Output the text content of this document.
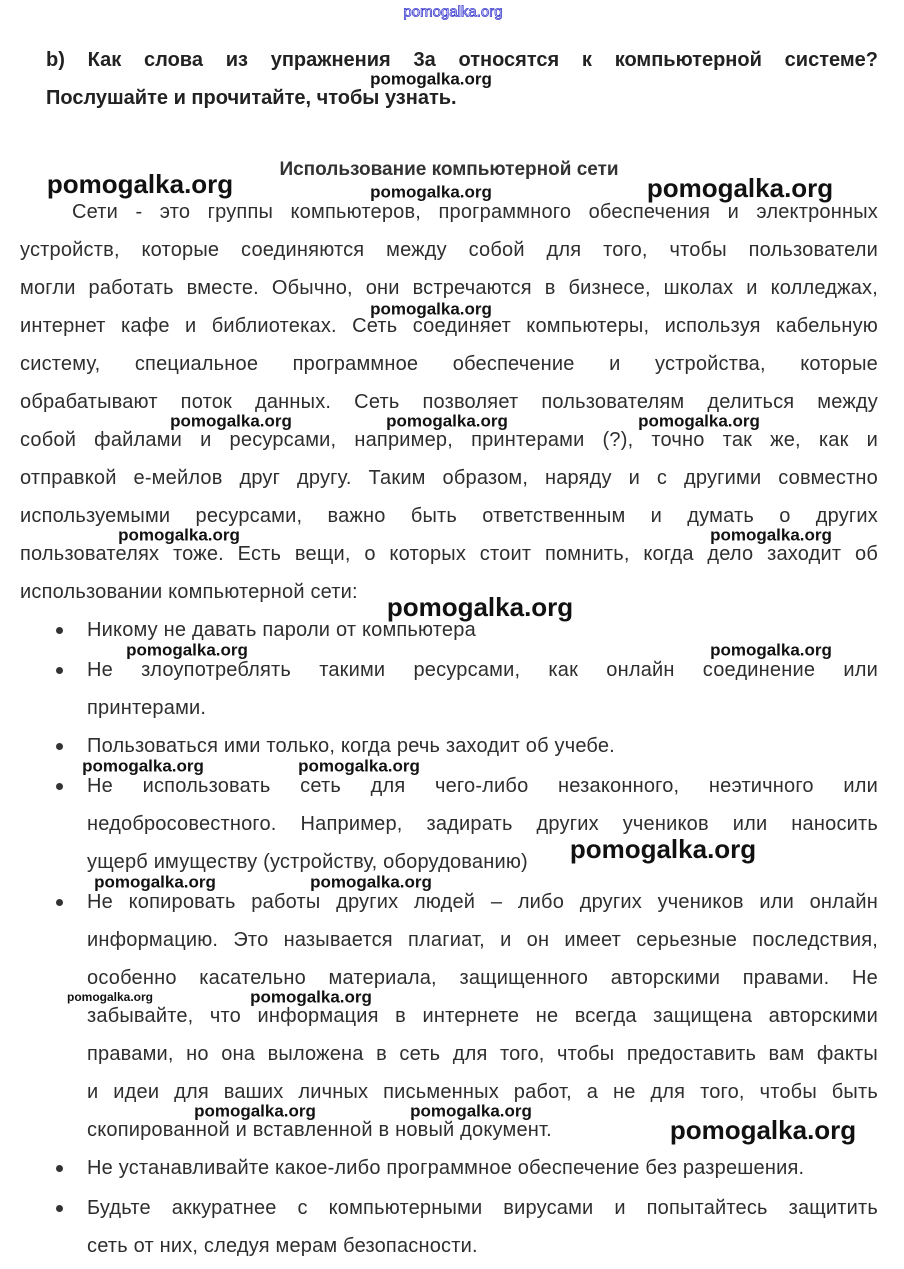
b) Как слова из упражнения 3a относятся к компьютерной системе?
Послушайте и прочитайте, чтобы узнать.
Использование компьютерной сети
Сети - это группы компьютеров, программного обеспечения и электронных
устройств, которые соединяются между собой для того, чтобы пользователи
могли работать вместе. Обычно, они встречаются в бизнесе, школах и колледжах,
интернет кафе и библиотеках. Сеть соединяет компьютеры, используя кабельную
систему, специальное программное обеспечение и устройства, которые
обрабатывают поток данных. Сеть позволяет пользователям делиться между
собой файлами и ресурсами, например, принтерами (?), точно так же, как и
отправкой е-мейлов друг другу. Таким образом, наряду и с другими совместно
используемыми ресурсами, важно быть ответственным и думать о других
пользователях тоже. Есть вещи, о которых стоит помнить, когда дело заходит об
использовании компьютерной сети:
Никому не давать пароли от компьютера
Не злоупотреблять такими ресурсами, как онлайн соединение или
принтерами.
Пользоваться ими только, когда речь заходит об учебе.
Не использовать сеть для чего-либо незаконного, неэтичного или
недобросовестного. Например, задирать других учеников или наносить
ущерб имуществу (устройству, оборудованию)
Не копировать работы других людей – либо других учеников или онлайн
информацию. Это называется плагиат, и он имеет серьезные последствия,
особенно касательно материала, защищенного авторскими правами. Не
забывайте, что информация в интернете не всегда защищена авторскими
правами, но она выложена в сеть для того, чтобы предоставить вам факты
и идеи для ваших личных письменных работ, а не для того, чтобы быть
скопированной и вставленной в новый документ.
Не устанавливайте какое-либо программное обеспечение без разрешения.
Будьте аккуратнее с компьютерными вирусами и попытайтесь защитить
сеть от них, следуя мерам безопасности.
pomogalka.org
pomogalka.org	pomogalka.org
pomogalka.org
pomogalka.org
pomogalka.org
pomogalka.org
pomogalka.org
pomogalka.org
pomogalka.org	pomogalka.org	pomogalka.org
pomogalka.org	pomogalka.org
pomogalka.org	pomogalka.org
pomogalka.org	pomogalka.org
pomogalka.org	pomogalka.org
pomogalka.org
pomogalka.org	pomogalka.org
pomogalka.org
